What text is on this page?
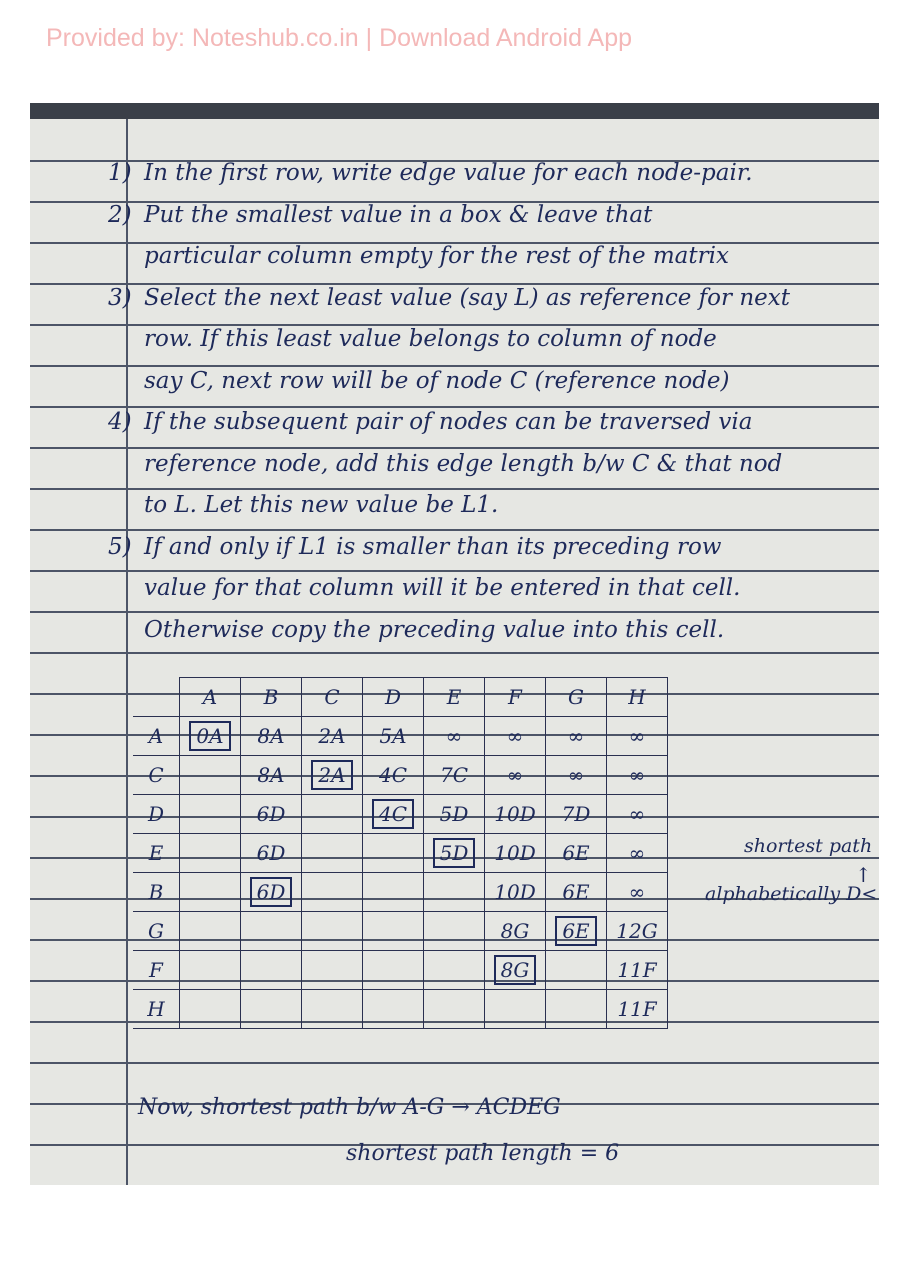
Provided by: Noteshub.co.in | Download Android App
1) In the first row, write edge value for each node-pair.
2) Put the smallest value in a box & leave that
particular column empty for the rest of the matrix
3) Select the next least value (say L) as reference for next
row. If this least value belongs to column of node
say C, next row will be of node C (reference node)
4) If the subsequent pair of nodes can be traversed via
reference node, add this edge length b/w C & that nod
to L. Let this new value be L1.
5) If and only if L1 is smaller than its preceding row
value for that column will it be entered in that cell.
Otherwise copy the preceding value into this cell.
	A	B	C	D	E	F	G	H
A	0A	8A	2A	5A	∞	∞	∞	∞
C		8A	2A	4C	7C	∞	∞	∞
D		6D		4C	5D	10D	7D	∞
E		6D			5D	10D	6E	∞
B		6D				10D	6E	∞
G						8G	6E	12G
F						8G		11F
H								11F
shortest path
↑
alphabetically D<
Now, shortest path b/w A-G → ACDEG
shortest path length = 6
